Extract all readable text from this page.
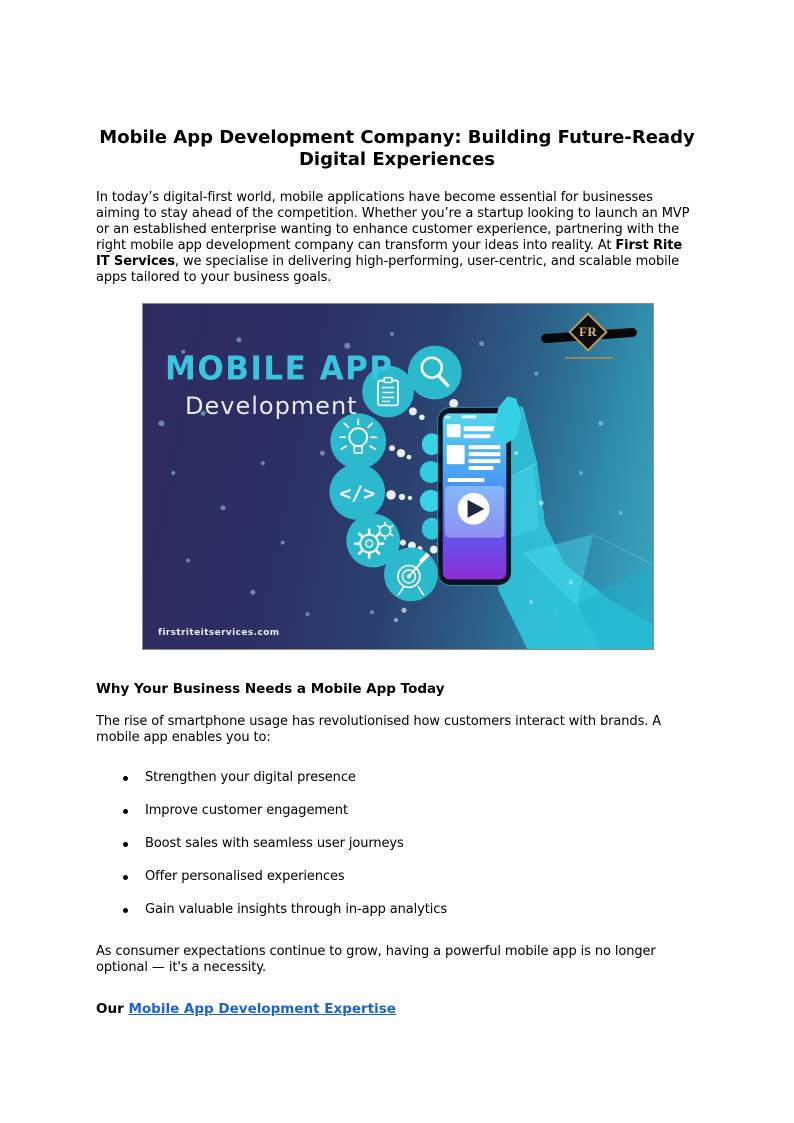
Mobile App Development Company: Building Future-Ready
Digital Experiences

In today’s digital-first world, mobile applications have become essential for businesses aiming to stay ahead of the competition. Whether you’re a startup looking to launch an MVP or an established enterprise wanting to enhance customer experience, partnering with the right mobile app development company can transform your ideas into reality. At First Rite IT Services, we specialise in delivering high-performing, user-centric, and scalable mobile apps tailored to your business goals.

</>
MOBILE APP
Development
firstriteitservices.com
FR
Why Your Business Needs a Mobile App Today

The rise of smartphone usage has revolutionised how customers interact with brands. A mobile app enables you to:

Strengthen your digital presence
Improve customer engagement
Boost sales with seamless user journeys
Offer personalised experiences
Gain valuable insights through in-app analytics

As consumer expectations continue to grow, having a powerful mobile app is no longer optional — it's a necessity.

Our Mobile App Development Expertise
